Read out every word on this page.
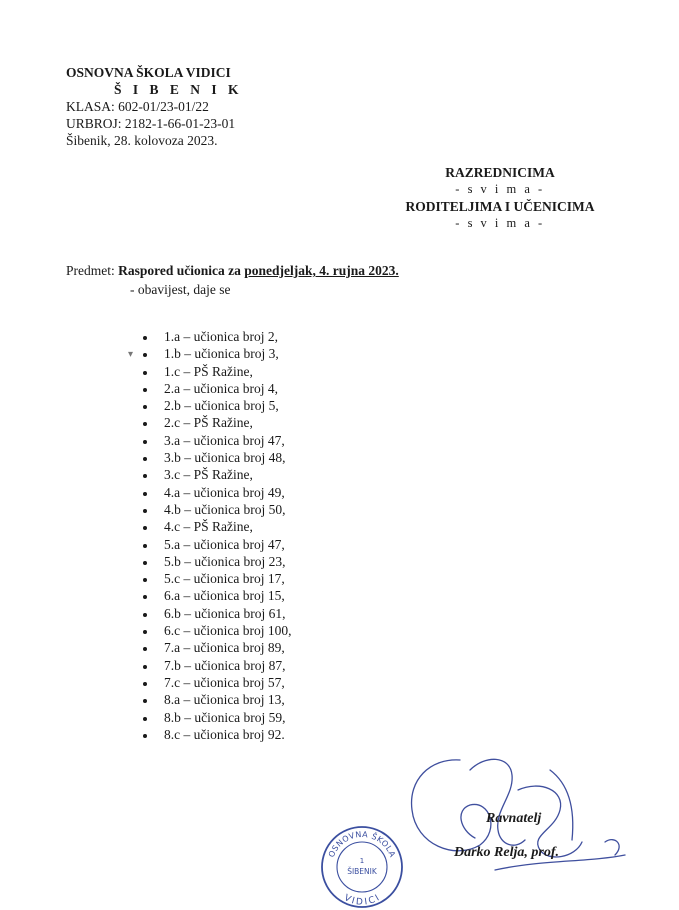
OSNOVNA ŠKOLA VIDICI
Š I B E N I K
KLASA: 602-01/23-01/22
URBROJ: 2182-1-66-01-23-01
Šibenik, 28. kolovoza 2023.
RAZREDNICIMA
- s v i m a -
RODITELJIMA I UČENICIMA
- s v i m a -
Predmet: Raspored učionica za ponedjeljak, 4. rujna 2023.
- obavijest, daje se
• 1.a – učionica broj 2,
• 1.b – učionica broj 3,
• 1.c – PŠ Ražine,
• 2.a – učionica broj 4,
• 2.b – učionica broj 5,
• 2.c – PŠ Ražine,
• 3.a – učionica broj 47,
• 3.b – učionica broj 48,
• 3.c – PŠ Ražine,
• 4.a – učionica broj 49,
• 4.b – učionica broj 50,
• 4.c – PŠ Ražine,
• 5.a – učionica broj 47,
• 5.b – učionica broj 23,
• 5.c – učionica broj 17,
• 6.a – učionica broj 15,
• 6.b – učionica broj 61,
• 6.c – učionica broj 100,
• 7.a – učionica broj 89,
• 7.b – učionica broj 87,
• 7.c – učionica broj 57,
• 8.a – učionica broj 13,
• 8.b – učionica broj 59,
• 8.c – učionica broj 92.
▾
Ravnatelj
Darko Relja, prof.
OSNOVNA ŠKOLA
1
ŠIBENIK
VIDICI
